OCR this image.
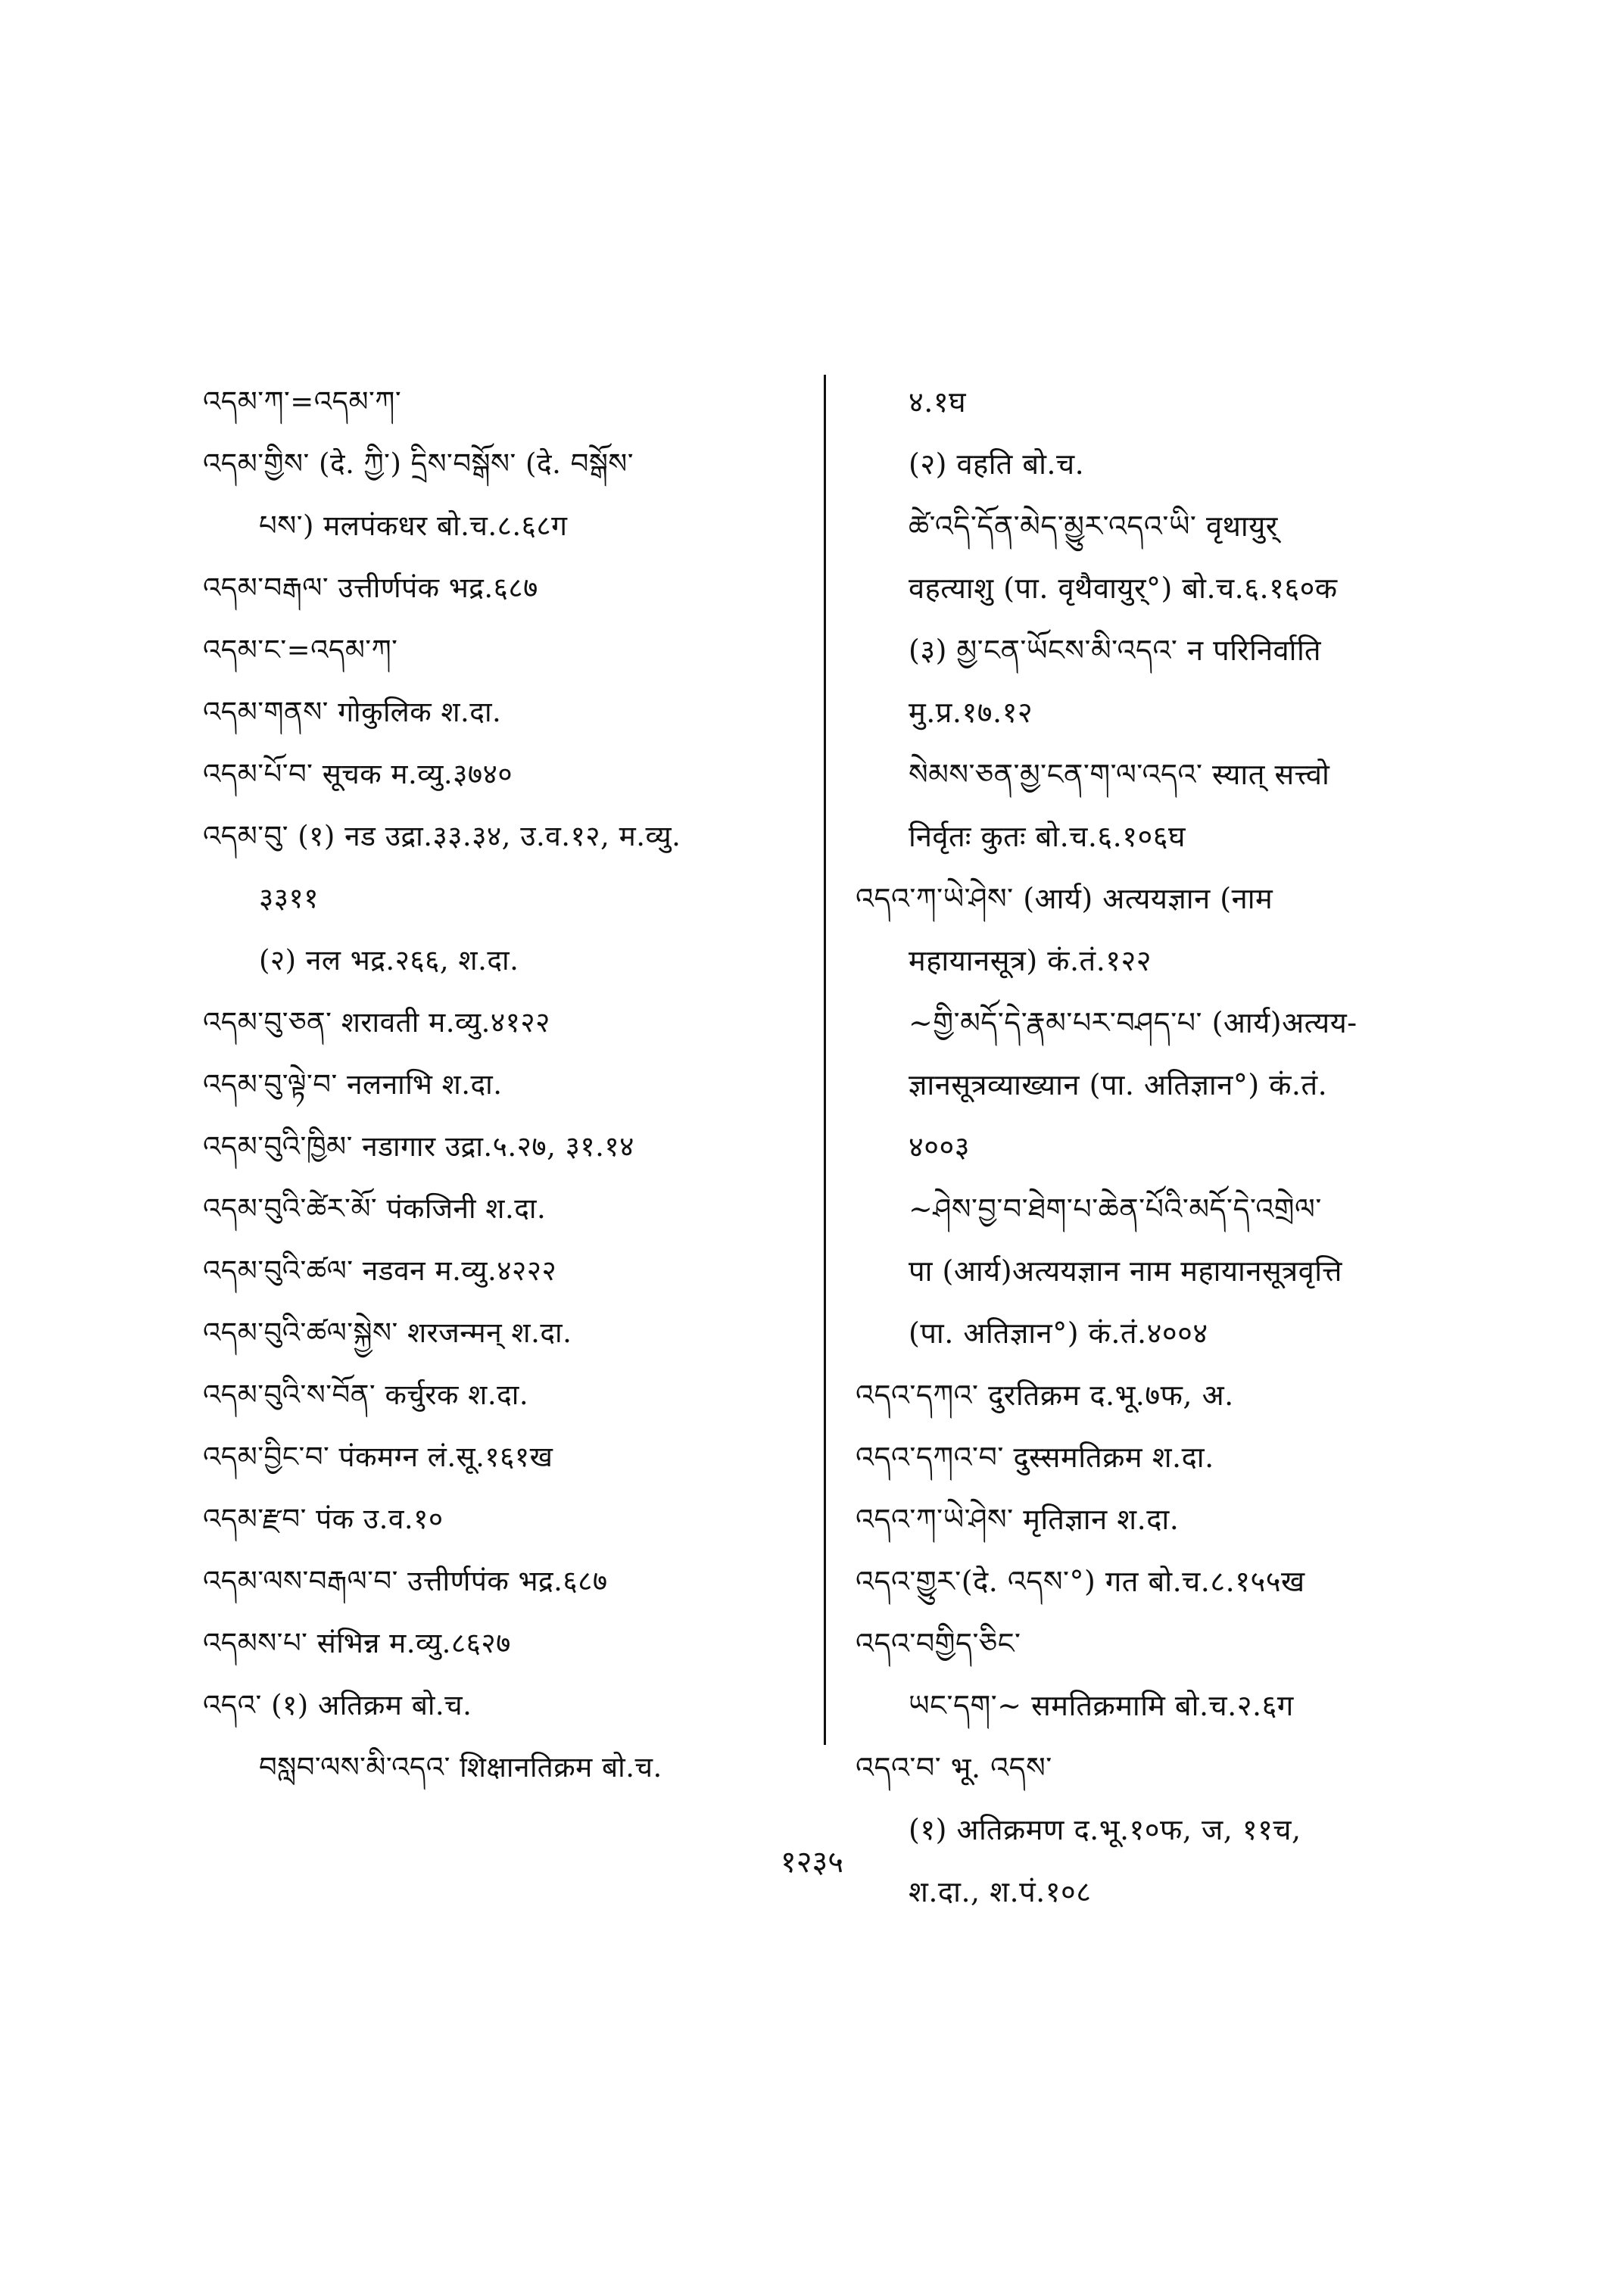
འདམ་ཀ་=འདམ་ཀ་
འདམ་གྱིས་ (दे. ཀྱི་) དྲིས་བསྒོས་ (दे. བསྒོས་
པས་) मलपंकधर बो.च.८.६८ग
འདམ་བརྒལ་ उत्तीर्णपंक भद्र.६८७
འདམ་ང་=འདམ་ཀ་
འདམ་གནས་ गोकुलिक श.दा.
འདམ་པོ་བ་ सूचक म.व्यु.३७४०
འདམ་བུ་ (१) नड उद्रा.३३.३४, उ.व.१२, म.व्यु.
३३११
(२) नल भद्र.२६६, श.दा.
འདམ་བུ་ཅན་ शरावती म.व्यु.४१२२
འདམ་བུ་ལྟེ་བ་ नलनाभि श.दा.
འདམ་བུའི་ཁྱིམ་ नडागार उद्रा.५.२७, ३१.१४
འདམ་བུའི་ཚེར་མོ་ पंकजिनी श.दा.
འདམ་བུའི་ཚལ་ नडवन म.व्यु.४२२२
འདམ་བུའི་ཚལ་སྐྱེས་ शरजन्मन् श.दा.
འདམ་བུའི་ས་བོན་ कर्चुरक श.दा.
འདམ་བྱིང་བ་ पंकमग्न लं.सू.१६१ख
འདམ་རྫབ་ पंक उ.व.१०
འདམ་ལས་བརྒལ་བ་ उत्तीर्णपंक भद्र.६८७
འདམས་པ་ संभिन्न म.व्यु.८६२७
འདའ་ (१) अतिक्रम बो.च.
བསླབ་ལས་མི་འདའ་ शिक्षानतिक्रम बो.च.
४.१घ
(२) वहति बो.च.
ཚེ་འདི་དོན་མེད་མྱུར་འདའ་ཡི་ वृथायुर्
वहत्याशु (पा. वृथैवायुर्°) बो.च.६.१६०क
(३) མྱ་ངན་ཡོངས་མི་འདའ་ न परिनिर्वाति
मु.प्र.१७.१२
སེམས་ཅན་མྱ་ངན་ག་ལ་འདའ་ स्यात् सत्त्वो
निर्वृतः कुतः बो.च.६.१०६घ
འདའ་ཀ་ཡེ་ཤེས་ (आर्य) अत्ययज्ञान (नाम
महायानसूत्र) कं.तं.१२२
~གྱི་མདོ་དེ་རྣམ་པར་བཤད་པ་ (आर्य)अत्यय-
ज्ञानसूत्रव्याख्यान (पा. अतिज्ञान°) कं.तं.
४००३
~ཤེས་བྱ་བ་ཐེག་པ་ཆེན་པོའི་མདོ་དེ་འགྲེལ་
पा (आर्य)अत्ययज्ञान नाम महायानसूत्रवृत्ति
(पा. अतिज्ञान°) कं.तं.४००४
འདའ་དཀའ་ दुरतिक्रम द.भू.७फ, अ.
འདའ་དཀའ་བ་ दुस्समतिक्रम श.दा.
འདའ་ཀ་ཡེ་ཤེས་ मृतिज्ञान श.दा.
འདའ་གྱུར་(दे. འདས་°) गत बो.च.८.१५५ख
འདའ་བགྱིད་ཅིང་
ཡང་དག་~ समतिक्रमामि बो.च.२.६ग
འདའ་བ་ भू. འདས་
(१) अतिक्रमण द.भू.१०फ, ज, ११च,
श.दा., श.पं.१०८
१२३५
